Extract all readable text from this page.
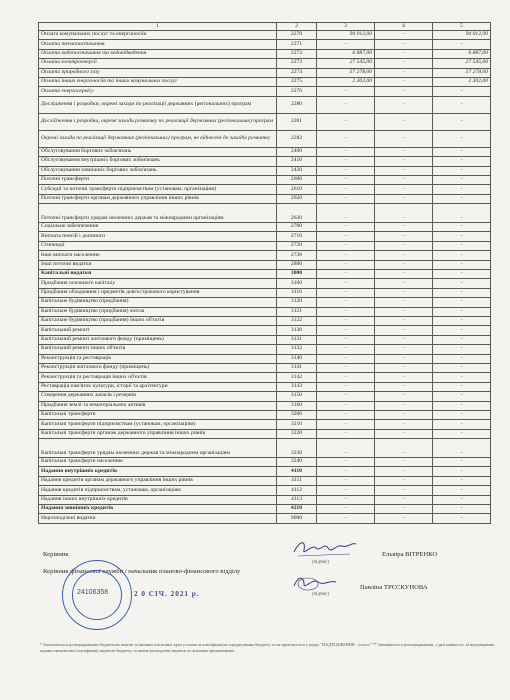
1	2	3	4	5
Оплата комунальних послуг та енергоносіїв	2270	94 012,00	-	94 012,00
Оплата теплопостачання	2271	-	-	-
Оплата водопостачання та водовідведення	2272	6 887,00	-	6 887,00
Оплата електроенергії	2273	27 545,00	-	27 545,00
Оплата природного газу	2274	57 278,00	-	57 278,00
Оплата інших енергоносіїв та інших комунальних послуг	2275	2 302,00	-	2 302,00
Оплата енергосервісу	2276	-	-	-
Дослідження і розробки, окремі заходи по реалізації державних (регіональних) програм	2280	-	-	-
Дослідження і розробки, окремі заходи розвитку по реалізації державних (регіональних) програм	2281	-	-	-
Окремі заходи по реалізації державних (регіональних) програм, не віднесені до заходів розвитку	2282	-	-	-
Обслуговування боргових зобов'язань	2400	-	-	-
Обслуговування внутрішніх боргових зобов'язань	2410	-	-	-
Обслуговування зовнішніх боргових зобов'язань	2420	-	-	-
Поточні трансферти	2600	-	-	-
Субсидії та поточні трансферти підприємствам (установам, організаціям)	2610	-	-	-
Поточні трансферти органам державного управління інших рівнів	2620	-	-	-
Поточні трансферти урядам іноземних держав та міжнародним організаціям	2630	-	-	-
Соціальне забезпечення	2700	-	-	-
Виплата пенсій і допомоги	2710	-	-	-
Стипендії	2720	-	-	-
Інші виплати населенню	2730	-	-	-
Інші поточні видатки	2800	-	-	-
Капітальні видатки	3000	-	-	-
Придбання основного капіталу	3100	-	-	-
Придбання обладнання і предметів довгострокового користування	3110	-	-	-
Капітальне будівництво (придбання)	3120	-	-	-
Капітальне будівництво (придбання) житла	3121	-	-	-
Капітальне будівництво (придбання) інших об'єктів	3122	-	-	-
Капітальний ремонт	3130	-	-	-
Капітальний ремонт житлового фонду (приміщень)	3131	-	-	-
Капітальний ремонт інших об'єктів	3132	-	-	-
Реконструкція та реставрація	3140	-	-	-
Реконструкція житлового фонду (приміщень)	3141	-	-	-
Реконструкція та реставрація інших об'єктів	3142	-	-	-
Реставрація пам'яток культури, історії та архітектури	3143	-	-	-
Створення державних запасів і резервів	3150	-	-	-
Придбання землі та нематеріальних активів	3160	-	-	-
Капітальні трансферти	3200	-	-	-
Капітальні трансферти підприємствам (установам, організаціям)	3210	-	-	-
Капітальні трансферти органам державного управління інших рівнів	3220	-	-	-
Капітальні трансферти урядам іноземних держав та міжнародним організаціям	3230	-	-	-
Капітальні трансферти населенню	3240	-	-	-
Надання внутрішніх кредитів	4110	-	-	-
Надання кредитів органам державного управління інших рівнів	4111	-	-	-
Надання кредитів підприємствам, установам, організаціям	4112	-	-	-
Надання інших внутрішніх кредитів	4113	-	-	-
Надання зовнішніх кредитів	4210	-	-	-
Нерозподілені видатки	9000	-	-	-
Керівник
(підпис)
Ельвіра ВІТРЕНКО
Керівник фінансової служби / начальник планово-фінансового відділу
(підпис)
Павліна ТРЄСКУНОВА
24106358	2 0 СІЧ. 2021 р.
* Заповнюється розпорядниками бюджетних коштів та іншими клієнтами, крім установ за класифікацією кредитування бюджету та не враховується у рядку "НАДХОДЖЕННЯ - усього" ** Заповнюється розпорядниками, у разі наявності, за відповідними кодами економічної класифікації видатків бюджету, за якими розподілені видатки за цільовим призначенням
